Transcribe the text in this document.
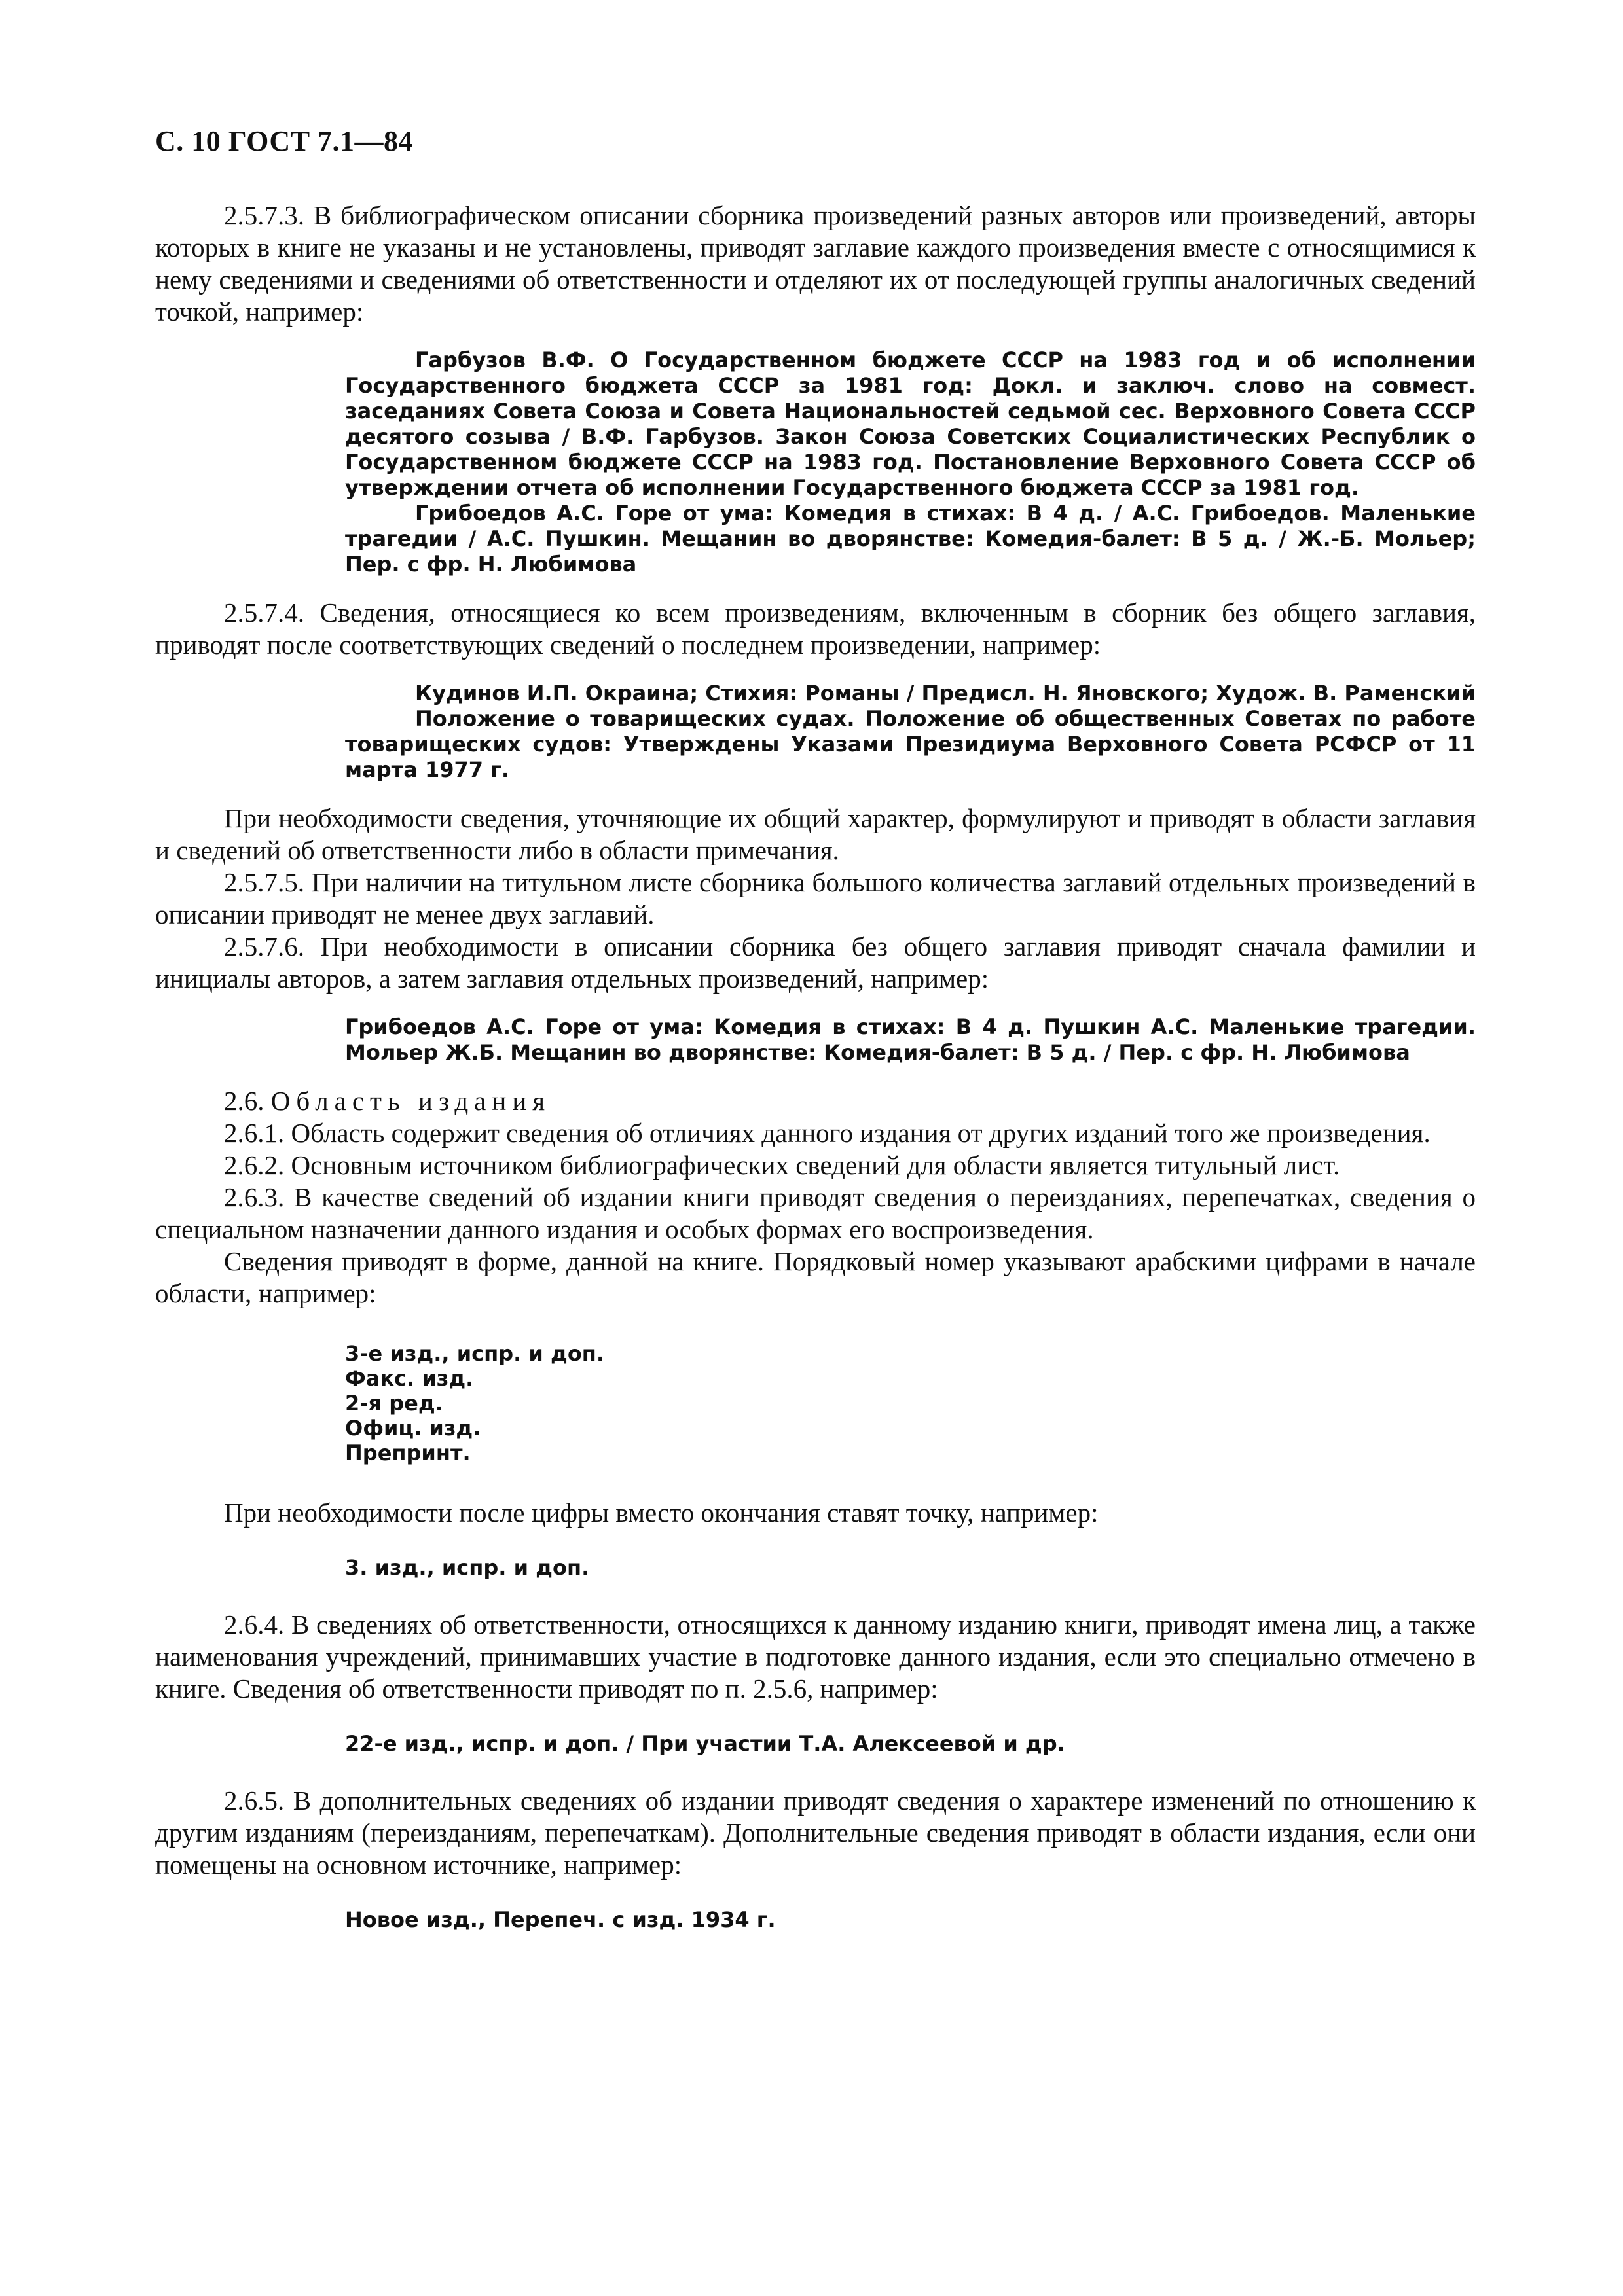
С. 10 ГОСТ 7.1—84

2.5.7.3. В библиографическом описании сборника произведений разных авторов или произведений, авторы которых в книге не указаны и не установлены, приводят заглавие каждого произведения вместе с относящимися к нему сведениями и сведениями об ответственности и отделяют их от последующей группы аналогичных сведений точкой, например:

Гарбузов В.Ф. О Государственном бюджете СССР на 1983 год и об исполнении Государственного бюджета СССР за 1981 год: Докл. и заключ. слово на совмест. заседаниях Совета Союза и Совета Национальностей седьмой сес. Верховного Совета СССР десятого созыва / В.Ф. Гарбузов. Закон Союза Советских Социалистических Республик о Государственном бюджете СССР на 1983 год. Постановление Верховного Совета СССР об утверждении отчета об исполнении Государственного бюджета СССР за 1981 год.

Грибоедов А.С. Горе от ума: Комедия в стихах: В 4 д. / А.С. Грибоедов. Маленькие трагедии / А.С. Пушкин. Мещанин во дворянстве: Комедия-балет: В 5 д. / Ж.-Б. Мольер; Пер. с фр. Н. Любимова

2.5.7.4. Сведения, относящиеся ко всем произведениям, включенным в сборник без общего заглавия, приводят после соответствующих сведений о последнем произведении, например:

Кудинов И.П. Окраина; Стихия: Романы / Предисл. Н. Яновского; Худож. В. Раменский

Положение о товарищеских судах. Положение об общественных Советах по работе товарищеских судов: Утверждены Указами Президиума Верховного Совета РСФСР от 11 марта 1977 г.

При необходимости сведения, уточняющие их общий характер, формулируют и приводят в области заглавия и сведений об ответственности либо в области примечания.

2.5.7.5. При наличии на титульном листе сборника большого количества заглавий отдельных произведений в описании приводят не менее двух заглавий.

2.5.7.6. При необходимости в описании сборника без общего заглавия приводят сначала фамилии и инициалы авторов, а затем заглавия отдельных произведений, например:

Грибоедов А.С. Горе от ума: Комедия в стихах: В 4 д. Пушкин А.С. Маленькие трагедии. Мольер Ж.Б. Мещанин во дворянстве: Комедия-балет: В 5 д. / Пер. с фр. Н. Любимова

2.6. Область издания

2.6.1. Область содержит сведения об отличиях данного издания от других изданий того же произведения.

2.6.2. Основным источником библиографических сведений для области является титульный лист.

2.6.3. В качестве сведений об издании книги приводят сведения о переизданиях, перепечатках, сведения о специальном назначении данного издания и особых формах его воспроизведения.

Сведения приводят в форме, данной на книге. Порядковый номер указывают арабскими цифрами в начале области, например:

3-е изд., испр. и доп.
Факс. изд.
2-я ред.
Офиц. изд.
Препринт.

При необходимости после цифры вместо окончания ставят точку, например:

3. изд., испр. и доп.

2.6.4. В сведениях об ответственности, относящихся к данному изданию книги, приводят имена лиц, а также наименования учреждений, принимавших участие в подготовке данного издания, если это специально отмечено в книге. Сведения об ответственности приводят по п. 2.5.6, например:

22-е изд., испр. и доп. / При участии Т.А. Алексеевой и др.

2.6.5. В дополнительных сведениях об издании приводят сведения о характере изменений по отношению к другим изданиям (переизданиям, перепечаткам). Дополнительные сведения приводят в области издания, если они помещены на основном источнике, например:

Новое изд., Перепеч. с изд. 1934 г.
